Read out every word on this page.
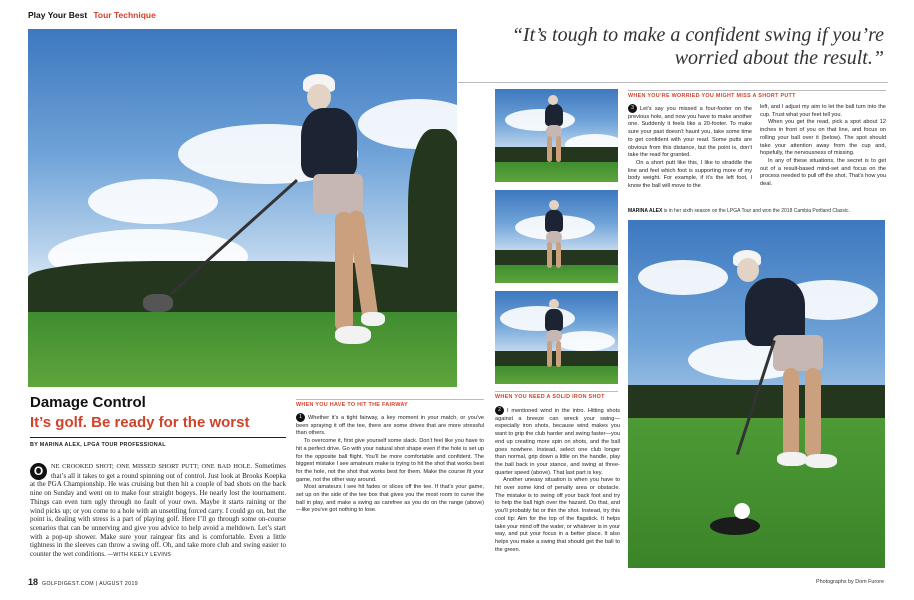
Play Your Best Tour Technique
“It’s tough to make a confident swing if you’re worried about the result.”
WHEN YOU’RE WORRIED YOU MIGHT MISS A SHORT PUTT

3 Let’s say you missed a four-footer on the previous hole, and now you have to make another one. Suddenly it feels like a 20-footer. To make sure your past doesn’t haunt you, take some time to get confident with your read. Some putts are obvious from this distance, but the point is, don’t take the read for granted.

On a short putt like this, I like to straddle the line and feel which foot is supporting more of my body weight. For example, if it’s the left foot, I know the ball will move to the

left, and I adjust my aim to let the ball turn into the cup. Trust what your feet tell you.

When you get the read, pick a spot about 12 inches in front of you on that line, and focus on rolling your ball over it (below). The spot should take your attention away from the cup and, hopefully, the nervousness of missing.

In any of these situations, the secret is to get out of a result-based mind-set and focus on the process needed to pull off the shot. That’s how you deal.

MARINA ALEX is in her sixth season on the LPGA Tour and won the 2018 Cambia Portland Classic.
Damage Control
It’s golf. Be ready for the worst
BY MARINA ALEX, LPGA TOUR PROFESSIONAL
O	NE CROOKED SHOT; ONE MISSED SHORT PUTT; ONE BAD HOLE. Sometimes that’s all it takes to get a round spinning out of control. Just look at Brooks Koepka at the PGA Championship. He was cruising but then hit a couple of bad shots on the back nine on Sunday and went on to make four straight bogeys. He nearly lost the tournament. Things can even turn ugly through no fault of your own. Maybe it starts raining or the wind picks up; or you come to a hole with an unsettling forced carry. I could go on, but the point is, dealing with stress is a part of playing golf. Here I’ll go through some on-course scenarios that can be unnerving and give you advice to help avoid a meltdown. Let’s start with a pop-up shower. Make sure your raingear fits and is comfortable. Even a little tightness in the sleeves can throw a swing off. Oh, and take more club and swing easier to counter the wet conditions. —WITH KEELY LEVINS
WHEN YOU HAVE TO HIT THE FAIRWAY

1 Whether it’s a tight fairway, a key moment in your match, or you’ve been spraying it off the tee, there are some drives that are more stressful than others.

To overcome it, first give yourself some slack. Don’t feel like you have to hit a perfect drive. Go with your natural shot shape even if the hole is set up for the opposite ball flight. You’ll be more comfortable and confident. The biggest mistake I see amateurs make is trying to hit the shot that works best for the hole, not the shot that works best for them. Make the course fit your game, not the other way around.

Most amateurs I see hit fades or slices off the tee. If that’s your game, set up on the side of the tee box that gives you the most room to curve the ball in play, and make a swing as carefree as you do on the range (above)—like you’ve got nothing to lose.

WHEN YOU NEED A SOLID IRON SHOT

2 I mentioned wind in the intro. Hitting shots against a breeze can wreck your swing—especially iron shots, because wind makes you want to grip the club harder and swing faster—you end up creating more spin on shots, and the ball goes nowhere. Instead, select one club longer than normal, grip down a little on the handle, play the ball back in your stance, and swing at three-quarter speed (above). That last part is key.

Another uneasy situation is when you have to hit over some kind of penalty area or obstacle. The mistake is to swing off your back foot and try to help the ball high over the hazard. Do that, and you’ll probably fat or thin the shot. Instead, try this cool tip: Aim for the top of the flagstick. It helps take your mind off the water, or whatever is in your way, and put your focus in a better place. It also helps you make a swing that should get the ball to the green.

18 GOLFDIGEST.COM | AUGUST 2019	Photographs by Dom Furore
